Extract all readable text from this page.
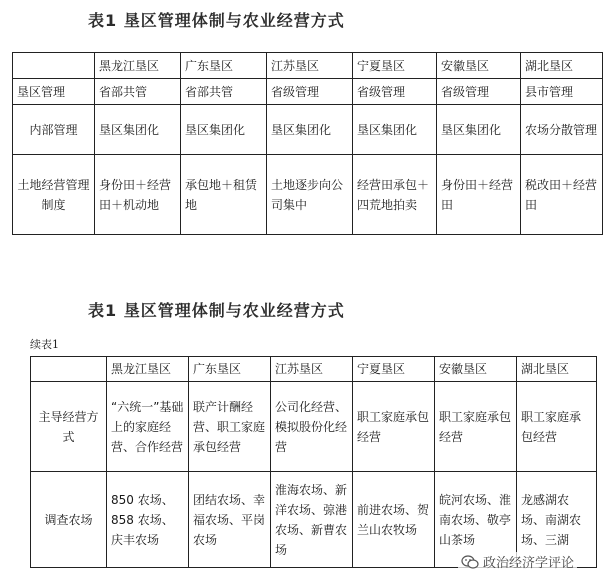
表1 垦区管理体制与农业经营方式
	黑龙江垦区	广东垦区	江苏垦区	宁夏垦区	安徽垦区	湖北垦区
垦区管理	省部共管	省部共管	省级管理	省级管理	省级管理	县市管理
内部管理	垦区集团化	垦区集团化	垦区集团化	垦区集团化	垦区集团化	农场分散管理
土地经营管理制度	身份田＋经营田＋机动地	承包地＋租赁地	土地逐步向公司集中	经营田承包＋四荒地拍卖	身份田＋经营田	税改田＋经营田
表1 垦区管理体制与农业经营方式
续表1
	黑龙江垦区	广东垦区	江苏垦区	宁夏垦区	安徽垦区	湖北垦区
主导经营方式	“六统一”基础上的家庭经营、合作经营	联产计酬经营、职工家庭承包经营	公司化经营、模拟股份化经营	职工家庭承包经营	职工家庭承包经营	职工家庭承包经营
调查农场	850 农场、858 农场、庆丰农场	团结农场、幸福农场、平岗农场	淮海农场、新洋农场、弶港农场、新曹农场	前进农场、贺兰山农牧场	皖河农场、淮南农场、敬亭山茶场	龙感湖农场、南湖农场、三湖
政治经济学评论
